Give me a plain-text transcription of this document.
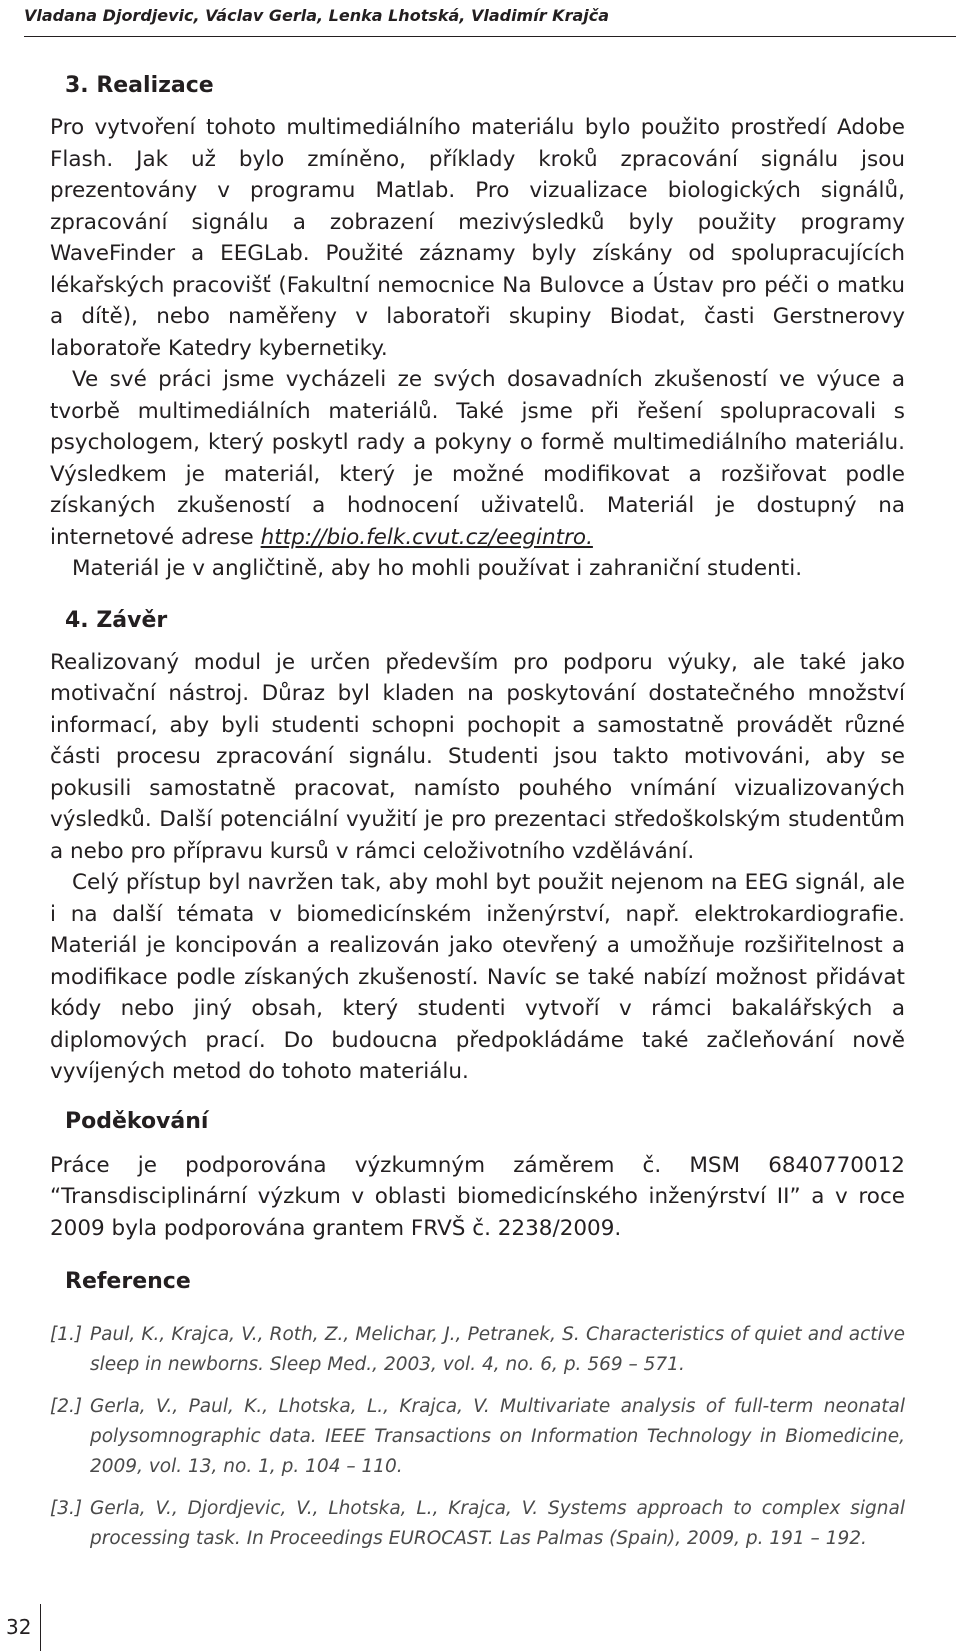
Vladana Djordjevic, Václav Gerla, Lenka Lhotská, Vladimír Krajča
3. Realizace

Pro vytvoření tohoto multimediálního materiálu bylo použito prostředí Adobe Flash. Jak už bylo zmíněno, příklady kroků zpracování signálu jsou prezentovány v programu Matlab. Pro vizualizace biologických signálů, zpracování signálu a zobrazení mezivýsledků byly použity programy WaveFinder a EEGLab. Použité záznamy byly získány od spolupracujících lékařských pracovišť (Fakultní nemocnice Na Bulovce a Ústav pro péči o matku a dítě), nebo naměřeny v laboratoři skupiny Biodat, časti Gerstnerovy laboratoře Katedry kybernetiky.

Ve své práci jsme vycházeli ze svých dosavadních zkušeností ve výuce a tvorbě multimediálních materiálů. Také jsme při řešení spolupracovali s psychologem, který poskytl rady a pokyny o formě multimediálního materiálu. Výsledkem je materiál, který je možné modifikovat a rozšiřovat podle získaných zkušeností a hodnocení uživatelů. Materiál je dostupný na internetové adrese http://bio.felk.cvut.cz/eegintro.

Materiál je v angličtině, aby ho mohli používat i zahraniční studenti.

4. Závěr

Realizovaný modul je určen především pro podporu výuky, ale také jako motivační nástroj. Důraz byl kladen na poskytování dostatečného množství informací, aby byli studenti schopni pochopit a samostatně provádět různé části procesu zpracování signálu. Studenti jsou takto motivováni, aby se pokusili samostatně pracovat, namísto pouhého vnímání vizualizovaných výsledků. Další potenciální využití je pro prezentaci středoškolským studentům a nebo pro přípravu kursů v rámci celoživotního vzdělávání.

Celý přístup byl navržen tak, aby mohl byt použit nejenom na EEG signál, ale i na další témata v biomedicínském inženýrství, např. elektrokardiografie. Materiál je koncipován a realizován jako otevřený a umožňuje rozšiřitelnost a modifikace podle získaných zkušeností. Navíc se také nabízí možnost přidávat kódy nebo jiný obsah, který studenti vytvoří v rámci bakalářských a diplomových prací. Do budoucna předpokládáme také začleňování nově vyvíjených metod do tohoto materiálu.

Poděkování

Práce je podporována výzkumným záměrem č. MSM 6840770012 “Transdisciplinární výzkum v oblasti biomedicínského inženýrství II” a v roce 2009 byla podporována grantem FRVŠ č. 2238/2009.

Reference
[1.] Paul, K., Krajca, V., Roth, Z., Melichar, J., Petranek, S. Characteristics of quiet and active sleep in newborns. Sleep Med., 2003, vol. 4, no. 6, p. 569 – 571.
[2.] Gerla, V., Paul, K., Lhotska, L., Krajca, V. Multivariate analysis of full-term neonatal polysomnographic data. IEEE Transactions on Information Technology in Biomedicine, 2009, vol. 13, no. 1, p. 104 – 110.
[3.] Gerla, V., Djordjevic, V., Lhotska, L., Krajca, V. Systems approach to complex signal processing task. In Proceedings EUROCAST. Las Palmas (Spain), 2009, p. 191 – 192.
32
